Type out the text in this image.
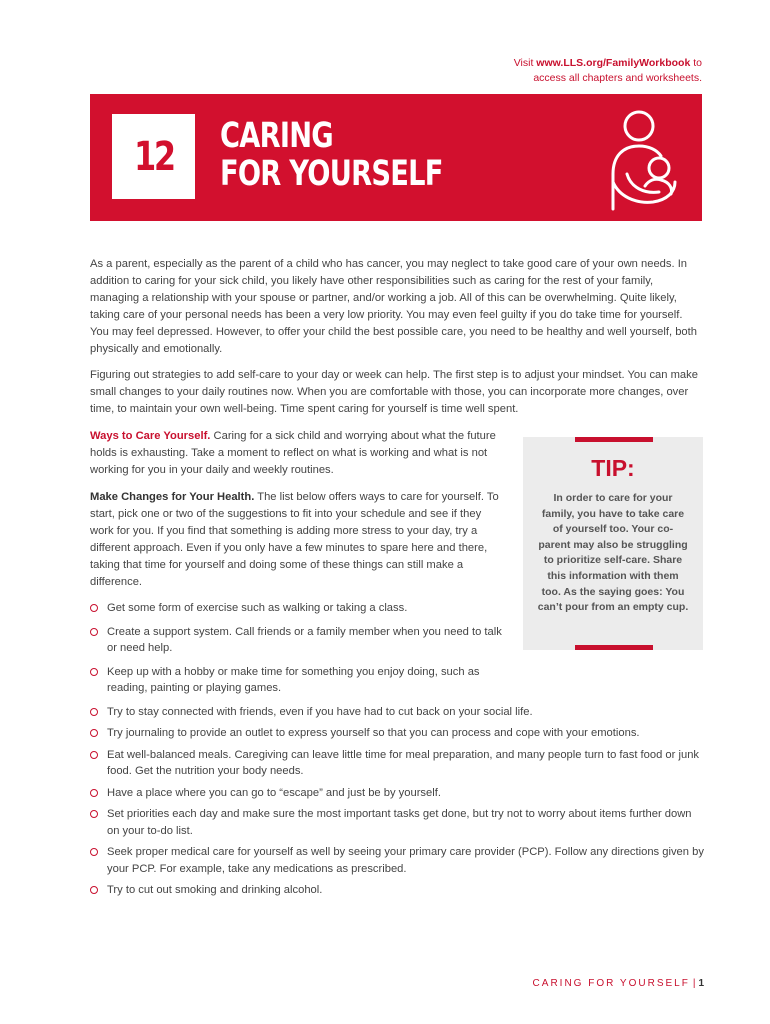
Visit www.LLS.org/FamilyWorkbook to
access all chapters and worksheets.
12 CARING
FOR YOURSELF

As a parent, especially as the parent of a child who has cancer, you may neglect to take good care of your own needs. In addition to caring for your sick child, you likely have other responsibilities such as caring for the rest of your family, managing a relationship with your spouse or partner, and/or working a job. All of this can be overwhelming. Quite likely, taking care of your personal needs has been a very low priority. You may even feel guilty if you do take time for yourself. You may feel depressed. However, to offer your child the best possible care, you need to be healthy and well yourself, both physically and emotionally.

Figuring out strategies to add self-care to your day or week can help. The first step is to adjust your mindset. You can make small changes to your daily routines now. When you are comfortable with those, you can incorporate more changes, over time, to maintain your own well-being. Time spent caring for yourself is time well spent.

Ways to Care Yourself. Caring for a sick child and worrying about what the future holds is exhausting. Take a moment to reflect on what is working and what is not working for you in your daily and weekly routines.

Make Changes for Your Health. The list below offers ways to care for yourself. To start, pick one or two of the suggestions to fit into your schedule and see if they work for you. If you find that something is adding more stress to your day, try a different approach. Even if you only have a few minutes to spare here and there, taking that time for yourself and doing some of these things can still make a difference.

TIP:
In order to care for your family, you have to take care of yourself too. Your co-parent may also be struggling to prioritize self-care. Share this information with them too. As the saying goes: You can’t pour from an empty cup.
Get some form of exercise such as walking or taking a class.
Create a support system. Call friends or a family member when you need to talk or need help.
Keep up with a hobby or make time for something you enjoy doing, such as reading, painting or playing games.
Try to stay connected with friends, even if you have had to cut back on your social life.
Try journaling to provide an outlet to express yourself so that you can process and cope with your emotions.
Eat well-balanced meals. Caregiving can leave little time for meal preparation, and many people turn to fast food or junk food. Get the nutrition your body needs.
Have a place where you can go to “escape” and just be by yourself.
Set priorities each day and make sure the most important tasks get done, but try not to worry about items further down on your to-do list.
Seek proper medical care for yourself as well by seeing your primary care provider (PCP). Follow any directions given by your PCP. For example, take any medications as prescribed.
Try to cut out smoking and drinking alcohol.
CARING FOR YOURSELF | 1
